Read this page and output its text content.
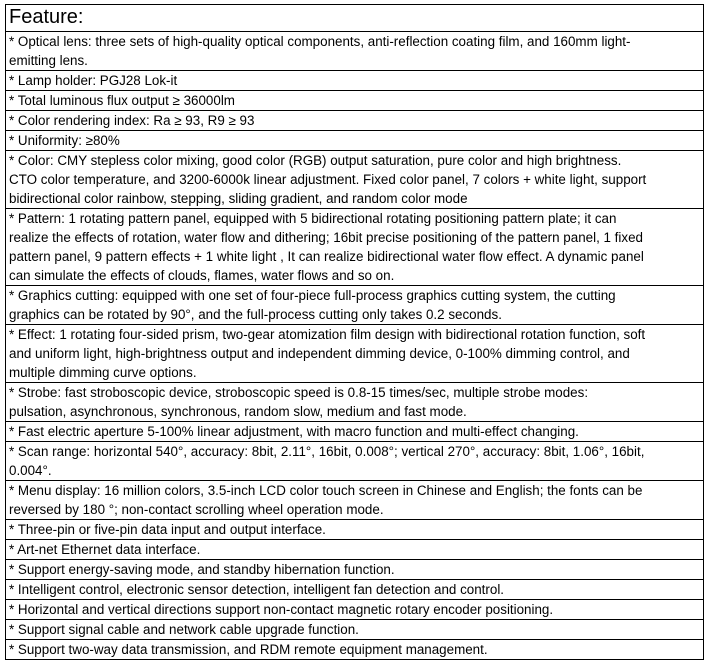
Feature:
* Optical lens: three sets of high-quality optical components, anti-reflection coating film, and 160mm light-
emitting lens.
* Lamp holder: PGJ28 Lok-it
* Total luminous flux output ≥ 36000lm
* Color rendering index: Ra ≥ 93, R9 ≥ 93
* Uniformity: ≥80%
* Color: CMY stepless color mixing, good color (RGB) output saturation, pure color and high brightness.
CTO color temperature, and 3200-6000k linear adjustment. Fixed color panel, 7 colors + white light, support
bidirectional color rainbow, stepping, sliding gradient, and random color mode
* Pattern: 1 rotating pattern panel, equipped with 5 bidirectional rotating positioning pattern plate; it can
realize the effects of rotation, water flow and dithering; 16bit precise positioning of the pattern panel, 1 fixed
pattern panel, 9 pattern effects + 1 white light , It can realize bidirectional water flow effect. A dynamic panel
can simulate the effects of clouds, flames, water flows and so on.
* Graphics cutting: equipped with one set of four-piece full-process graphics cutting system, the cutting
graphics can be rotated by 90°, and the full-process cutting only takes 0.2 seconds.
* Effect: 1 rotating four-sided prism, two-gear atomization film design with bidirectional rotation function, soft
and uniform light, high-brightness output and independent dimming device, 0-100% dimming control, and
multiple dimming curve options.
* Strobe: fast stroboscopic device, stroboscopic speed is 0.8-15 times/sec, multiple strobe modes:
pulsation, asynchronous, synchronous, random slow, medium and fast mode.
* Fast electric aperture 5-100% linear adjustment, with macro function and multi-effect changing.
* Scan range: horizontal 540°, accuracy: 8bit, 2.11°, 16bit, 0.008°; vertical 270°, accuracy: 8bit, 1.06°, 16bit,
0.004°.
* Menu display: 16 million colors, 3.5-inch LCD color touch screen in Chinese and English; the fonts can be
reversed by 180 °; non-contact scrolling wheel operation mode.
* Three-pin or five-pin data input and output interface.
* Art-net Ethernet data interface.
* Support energy-saving mode, and standby hibernation function.
* Intelligent control, electronic sensor detection, intelligent fan detection and control.
* Horizontal and vertical directions support non-contact magnetic rotary encoder positioning.
* Support signal cable and network cable upgrade function.
* Support two-way data transmission, and RDM remote equipment management.
